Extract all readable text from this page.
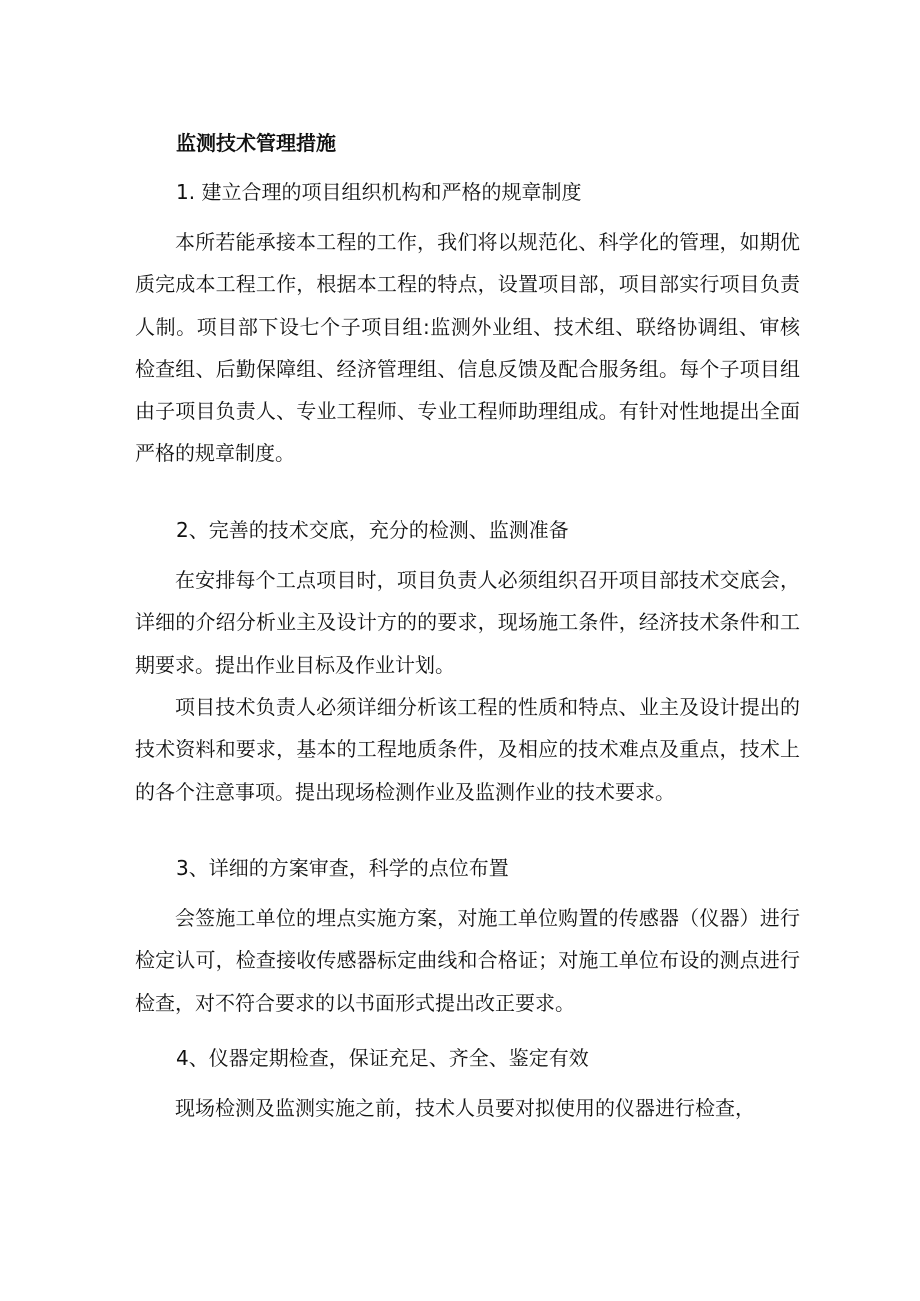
监测技术管理措施
1. 建立合理的项目组织机构和严格的规章制度
本所若能承接本工程的工作，我们将以规范化、科学化的管理，如期优质完成本工程工作，根据本工程的特点，设置项目部，项目部实行项目负责人制。项目部下设七个子项目组:监测外业组、技术组、联络协调组、审核检查组、后勤保障组、经济管理组、信息反馈及配合服务组。每个子项目组由子项目负责人、专业工程师、专业工程师助理组成。有针对性地提出全面严格的规章制度。
2、完善的技术交底，充分的检测、监测准备
在安排每个工点项目时，项目负责人必须组织召开项目部技术交底会，详细的介绍分析业主及设计方的的要求，现场施工条件，经济技术条件和工期要求。提出作业目标及作业计划。
项目技术负责人必须详细分析该工程的性质和特点、业主及设计提出的技术资料和要求，基本的工程地质条件，及相应的技术难点及重点，技术上的各个注意事项。提出现场检测作业及监测作业的技术要求。
3、详细的方案审查，科学的点位布置
会签施工单位的埋点实施方案，对施工单位购置的传感器（仪器）进行检定认可，检查接收传感器标定曲线和合格证；对施工单位布设的测点进行检查，对不符合要求的以书面形式提出改正要求。
4、仪器定期检查，保证充足、齐全、鉴定有效
现场检测及监测实施之前，技术人员要对拟使用的仪器进行检查，
